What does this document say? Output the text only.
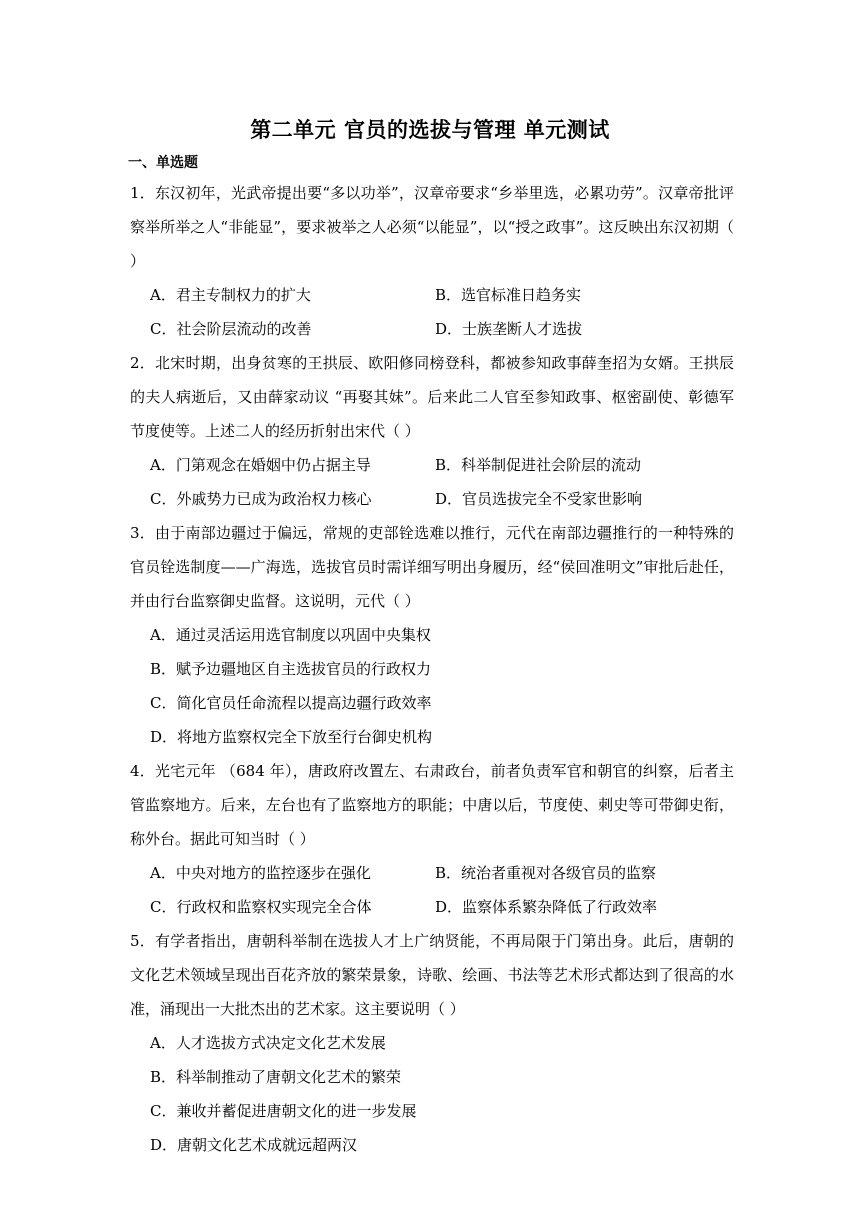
第二单元 官员的选拔与管理 单元测试
一、单选题
1．东汉初年，光武帝提出要“多以功举”，汉章帝要求“乡举里选，必累功劳”。汉章帝批评察举所举之人“非能显”，要求被举之人必须“以能显”，以“授之政事”。这反映出东汉初期（ ）
A．君主专制权力的扩大	B．选官标准日趋务实
C．社会阶层流动的改善	D．士族垄断人才选拔
2．北宋时期，出身贫寒的王拱辰、欧阳修同榜登科，都被参知政事薛奎招为女婿。王拱辰的夫人病逝后，又由薛家动议 “再娶其妹”。后来此二人官至参知政事、枢密副使、彰德军节度使等。上述二人的经历折射出宋代（ ）
A．门第观念在婚姻中仍占据主导	B．科举制促进社会阶层的流动
C．外戚势力已成为政治权力核心	D．官员选拔完全不受家世影响
3．由于南部边疆过于偏远，常规的吏部铨选难以推行，元代在南部边疆推行的一种特殊的官员铨选制度——广海选，选拔官员时需详细写明出身履历，经“侯回准明文”审批后赴任，并由行台监察御史监督。这说明，元代（ ）
A．通过灵活运用选官制度以巩固中央集权
B．赋予边疆地区自主选拔官员的行政权力
C．简化官员任命流程以提高边疆行政效率
D．将地方监察权完全下放至行台御史机构
4．光宅元年 （684 年），唐政府改置左、右肃政台，前者负责军官和朝官的纠察，后者主管监察地方。后来，左台也有了监察地方的职能；中唐以后，节度使、刺史等可带御史衔，称外台。据此可知当时（ ）
A．中央对地方的监控逐步在强化	B．统治者重视对各级官员的监察
C．行政权和监察权实现完全合体	D．监察体系繁杂降低了行政效率
5．有学者指出，唐朝科举制在选拔人才上广纳贤能，不再局限于门第出身。此后，唐朝的文化艺术领域呈现出百花齐放的繁荣景象，诗歌、绘画、书法等艺术形式都达到了很高的水准，涌现出一大批杰出的艺术家。这主要说明（ ）
A．人才选拔方式决定文化艺术发展
B．科举制推动了唐朝文化艺术的繁荣
C．兼收并蓄促进唐朝文化的进一步发展
D．唐朝文化艺术成就远超两汉
